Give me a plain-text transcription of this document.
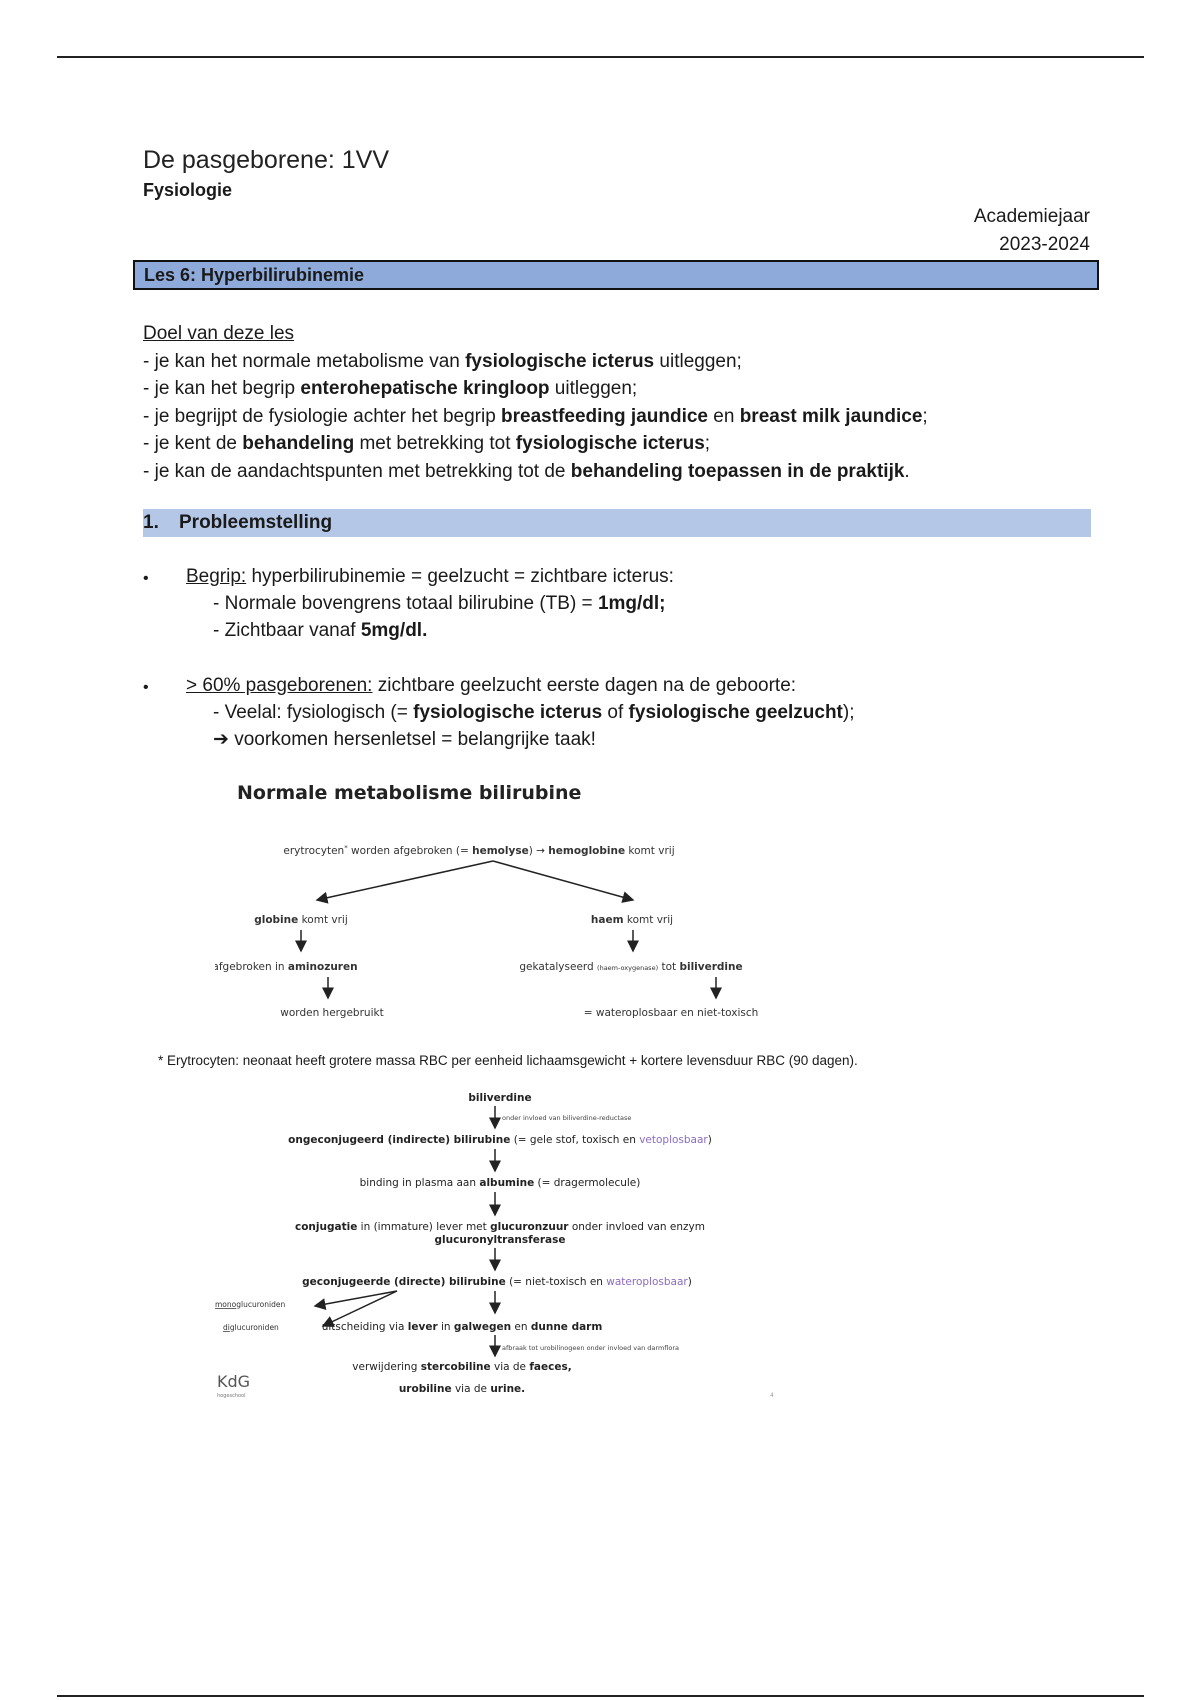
De pasgeborene: 1VV
Fysiologie
Academiejaar
2023-2024
Les 6: Hyperbilirubinemie
Doel van deze les
- je kan het normale metabolisme van fysiologische icterus uitleggen;
- je kan het begrip enterohepatische kringloop uitleggen;
- je begrijpt de fysiologie achter het begrip breastfeeding jaundice en breast milk jaundice;
- je kent de behandeling met betrekking tot fysiologische icterus;
- je kan de aandachtspunten met betrekking tot de behandeling toepassen in de praktijk.
1. Probleemstelling
• Begrip: hyperbilirubinemie = geelzucht = zichtbare icterus:
- Normale bovengrens totaal bilirubine (TB) = 1mg/dl;
- Zichtbaar vanaf 5mg/dl.
• > 60% pasgeborenen: zichtbare geelzucht eerste dagen na de geboorte:
- Veelal: fysiologisch (= fysiologische icterus of fysiologische geelzucht);
➔ voorkomen hersenletsel = belangrijke taak!
Normale metabolisme bilirubine
erytrocyten* worden afgebroken (= hemolyse) → hemoglobine komt vrij
globine komt vrij
afgebroken in aminozuren
worden hergebruikt
haem komt vrij
gekatalyseerd (haem-oxygenase) tot biliverdine
= wateroplosbaar en niet-toxisch
* Erytrocyten: neonaat heeft grotere massa RBC per eenheid lichaamsgewicht + kortere levensduur RBC (90 dagen).
biliverdine
onder invloed van biliverdine-reductase
ongeconjugeerd (indirecte) bilirubine (= gele stof, toxisch en vetoplosbaar)
binding in plasma aan albumine (= dragermolecule)
conjugatie in (immature) lever met glucuronzuur onder invloed van enzym
glucuronyltransferase
geconjugeerde (directe) bilirubine (= niet-toxisch en wateroplosbaar)
monoglucuroniden
diglucuroniden	uitscheiding via lever in galwegen en dunne darm
afbraak tot urobilinogeen onder invloed van darmflora
verwijdering stercobiline via de faeces,
urobiline via de urine.
KdG
hogeschool	4
